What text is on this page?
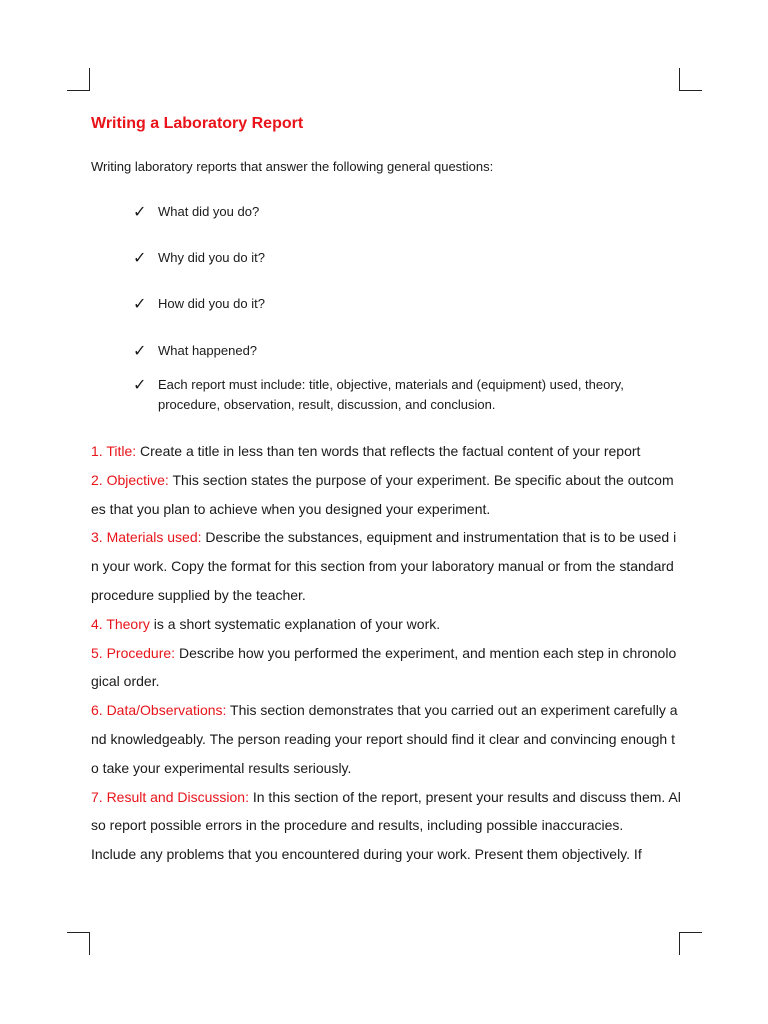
Writing a Laboratory Report

Writing laboratory reports that answer the following general questions:

✓ What did you do?
✓ Why did you do it?
✓ How did you do it?
✓ What happened?
✓ Each report must include: title, objective, materials and (equipment) used, theory, procedure, observation, result, discussion, and conclusion.

1. Title: Create a title in less than ten words that reflects the factual content of your report

2. Objective: This section states the purpose of your experiment. Be specific about the outcomes that you plan to achieve when you designed your experiment.

3. Materials used: Describe the substances, equipment and instrumentation that is to be used in your work. Copy the format for this section from your laboratory manual or from the standard procedure supplied by the teacher.

4. Theory is a short systematic explanation of your work.

5. Procedure: Describe how you performed the experiment, and mention each step in chronological order.

6. Data/Observations: This section demonstrates that you carried out an experiment carefully and knowledgeably. The person reading your report should find it clear and convincing enough to take your experimental results seriously.

7. Result and Discussion: In this section of the report, present your results and discuss them. Also report possible errors in the procedure and results, including possible inaccuracies.

Include any problems that you encountered during your work. Present them objectively. If
